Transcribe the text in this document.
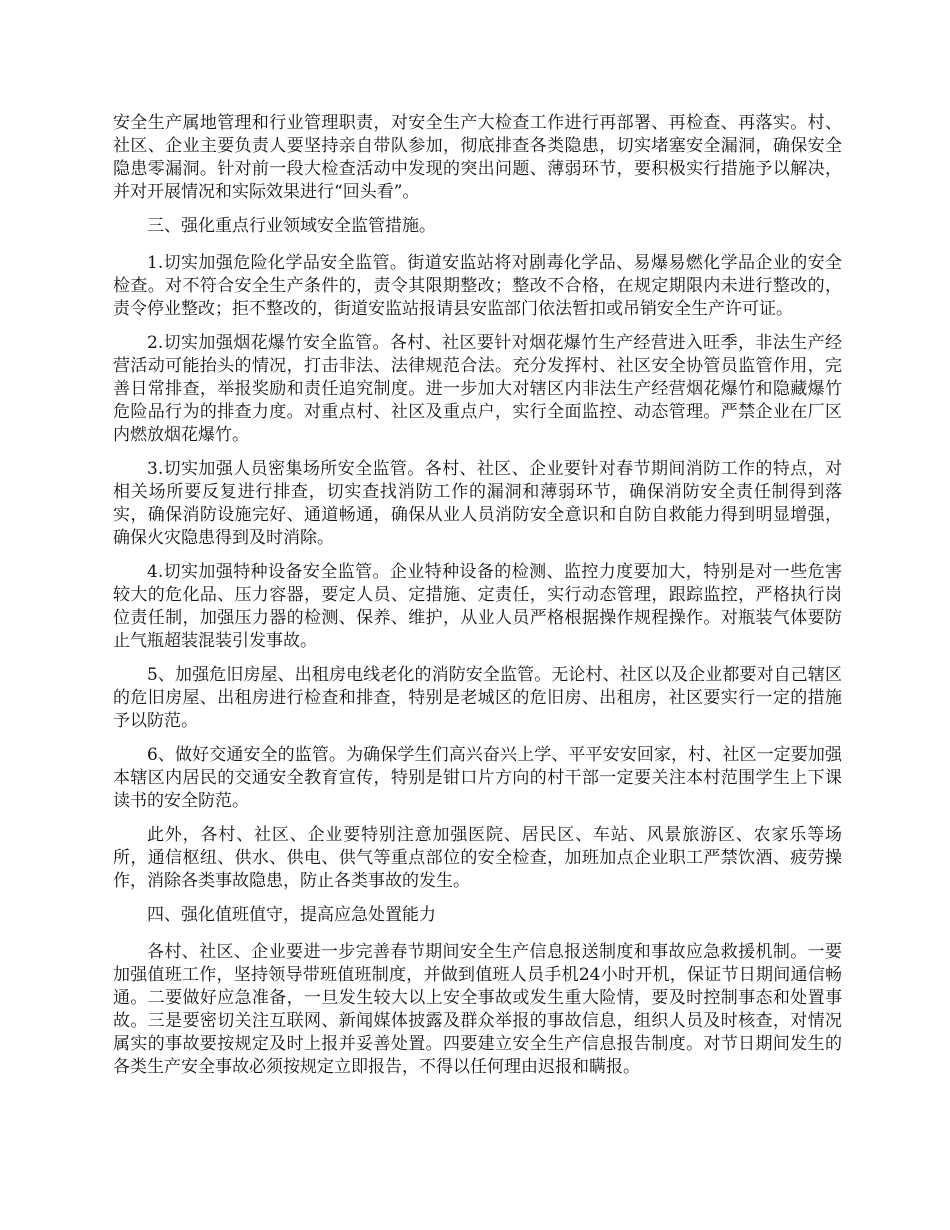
安全生产属地管理和行业管理职责，对安全生产大检查工作进行再部署、再检查、再落实。村、社区、企业主要负责人要坚持亲自带队参加，彻底排查各类隐患，切实堵塞安全漏洞，确保安全隐患零漏洞。针对前一段大检查活动中发现的突出问题、薄弱环节，要积极实行措施予以解决，并对开展情况和实际效果进行“回头看”。

三、强化重点行业领域安全监管措施。

1.切实加强危险化学品安全监管。街道安监站将对剧毒化学品、易爆易燃化学品企业的安全检查。对不符合安全生产条件的，责令其限期整改；整改不合格，在规定期限内未进行整改的，责令停业整改；拒不整改的，街道安监站报请县安监部门依法暂扣或吊销安全生产许可证。

2.切实加强烟花爆竹安全监管。各村、社区要针对烟花爆竹生产经营进入旺季，非法生产经营活动可能抬头的情况，打击非法、法律规范合法。充分发挥村、社区安全协管员监管作用，完善日常排查，举报奖励和责任追究制度。进一步加大对辖区内非法生产经营烟花爆竹和隐藏爆竹危险品行为的排查力度。对重点村、社区及重点户，实行全面监控、动态管理。严禁企业在厂区内燃放烟花爆竹。

3.切实加强人员密集场所安全监管。各村、社区、企业要针对春节期间消防工作的特点，对相关场所要反复进行排查，切实查找消防工作的漏洞和薄弱环节，确保消防安全责任制得到落实，确保消防设施完好、通道畅通，确保从业人员消防安全意识和自防自救能力得到明显增强，确保火灾隐患得到及时消除。

4.切实加强特种设备安全监管。企业特种设备的检测、监控力度要加大，特别是对一些危害较大的危化品、压力容器，要定人员、定措施、定责任，实行动态管理，跟踪监控，严格执行岗位责任制，加强压力器的检测、保养、维护，从业人员严格根据操作规程操作。对瓶装气体要防止气瓶超装混装引发事故。

5、加强危旧房屋、出租房电线老化的消防安全监管。无论村、社区以及企业都要对自己辖区的危旧房屋、出租房进行检查和排查，特别是老城区的危旧房、出租房，社区要实行一定的措施予以防范。

6、做好交通安全的监管。为确保学生们高兴奋兴上学、平平安安回家，村、社区一定要加强本辖区内居民的交通安全教育宣传，特别是钳口片方向的村干部一定要关注本村范围学生上下课读书的安全防范。

此外，各村、社区、企业要特别注意加强医院、居民区、车站、风景旅游区、农家乐等场所，通信枢纽、供水、供电、供气等重点部位的安全检查，加班加点企业职工严禁饮酒、疲劳操作，消除各类事故隐患，防止各类事故的发生。

四、强化值班值守，提高应急处置能力

各村、社区、企业要进一步完善春节期间安全生产信息报送制度和事故应急救援机制。一要加强值班工作，坚持领导带班值班制度，并做到值班人员手机24小时开机，保证节日期间通信畅通。二要做好应急准备，一旦发生较大以上安全事故或发生重大险情，要及时控制事态和处置事故。三是要密切关注互联网、新闻媒体披露及群众举报的事故信息，组织人员及时核查，对情况属实的事故要按规定及时上报并妥善处置。四要建立安全生产信息报告制度。对节日期间发生的各类生产安全事故必须按规定立即报告，不得以任何理由迟报和瞒报。
